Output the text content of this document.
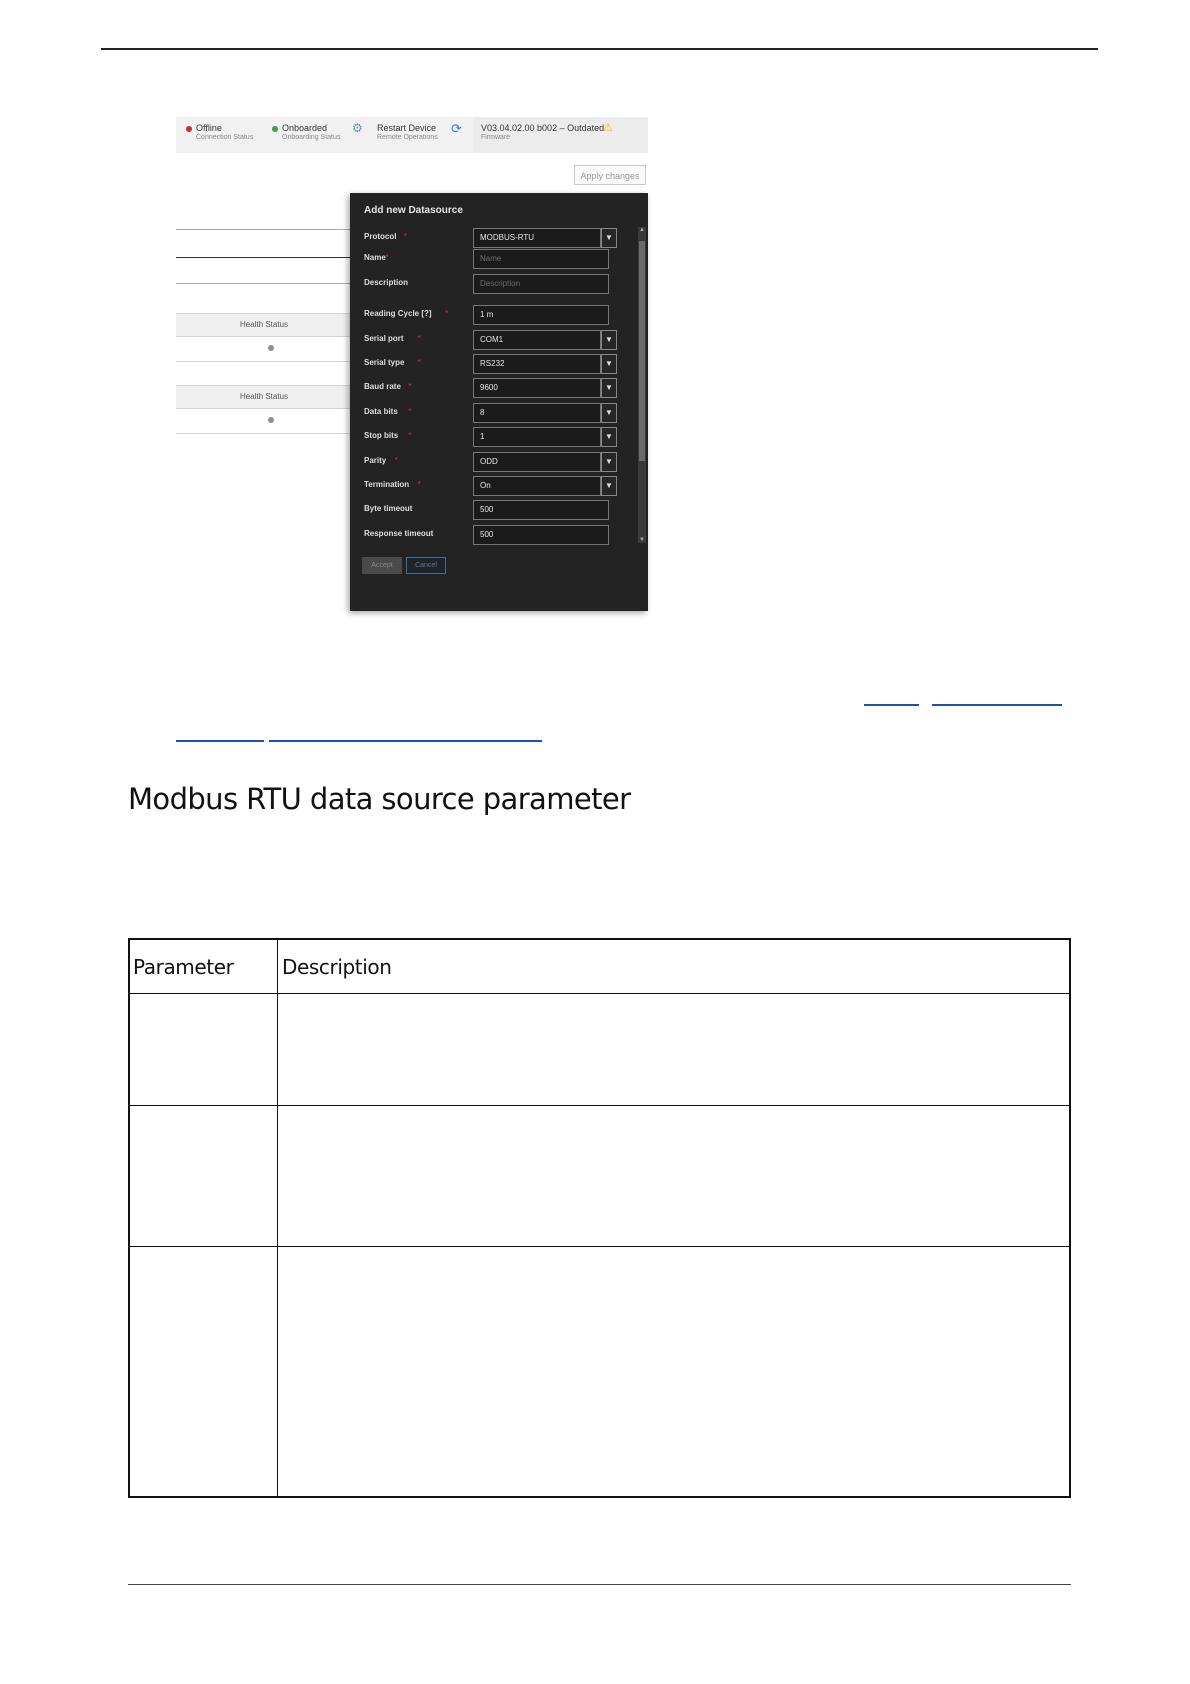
Offline
Connection Status
Onboarded
Onboarding Status
⚙ Restart Device
Remote Operations
⟳ V03.04.02.00 b002 – Outdated
Firmware
⚠
Apply changes
Health Status
Health Status
Add new Datasource
Protocol *	MODBUS-RTU	▼
Name *	Name
Description	Description
Reading Cycle [?] *	1 m
Serial port *	COM1	▼
Serial type *	RS232	▼
Baud rate *	9600	▼
Data bits *	8	▼
Stop bits *	1	▼
Parity *	ODD	▼
Termination *	On	▼
Byte timeout	500
Response timeout	500
▲
▼
Accept	Cancel
Modbus RTU data source parameter
Parameter Description
